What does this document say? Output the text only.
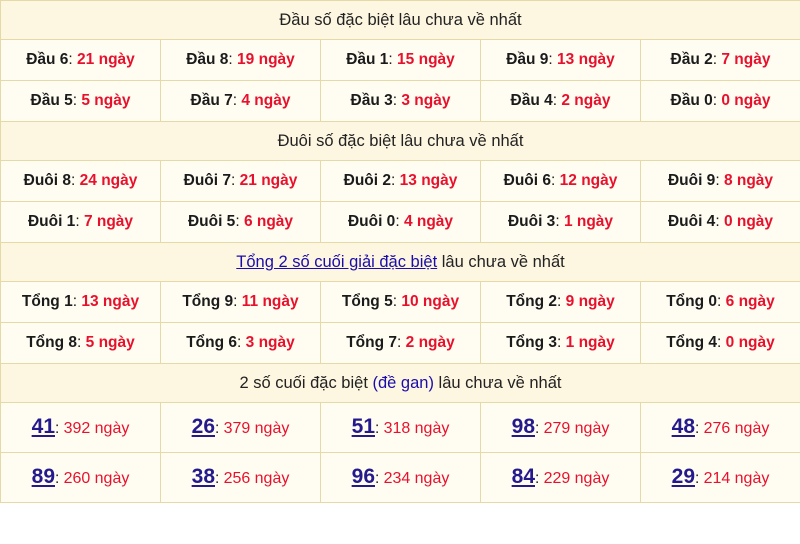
Đầu số đặc biệt lâu chưa về nhất				

Đầu 6: 21 ngày	Đầu 8: 19 ngày	Đầu 1: 15 ngày	Đầu 9: 13 ngày	Đầu 2: 7 ngày

Đầu 5: 5 ngày	Đầu 7: 4 ngày	Đầu 3: 3 ngày	Đầu 4: 2 ngày	Đầu 0: 0 ngày

Đuôi số đặc biệt lâu chưa về nhất				

Đuôi 8: 24 ngày	Đuôi 7: 21 ngày	Đuôi 2: 13 ngày	Đuôi 6: 12 ngày	Đuôi 9: 8 ngày

Đuôi 1: 7 ngày	Đuôi 5: 6 ngày	Đuôi 0: 4 ngày	Đuôi 3: 1 ngày	Đuôi 4: 0 ngày

Tổng 2 số cuối giải đặc biệt lâu chưa về nhất				

Tổng 1: 13 ngày	Tổng 9: 11 ngày	Tổng 5: 10 ngày	Tổng 2: 9 ngày	Tổng 0: 6 ngày

Tổng 8: 5 ngày	Tổng 6: 3 ngày	Tổng 7: 2 ngày	Tổng 3: 1 ngày	Tổng 4: 0 ngày

2 số cuối đặc biệt (đề gan) lâu chưa về nhất				

41: 392 ngày	26: 379 ngày	51: 318 ngày	98: 279 ngày	48: 276 ngày

89: 260 ngày	38: 256 ngày	96: 234 ngày	84: 229 ngày	29: 214 ngày
